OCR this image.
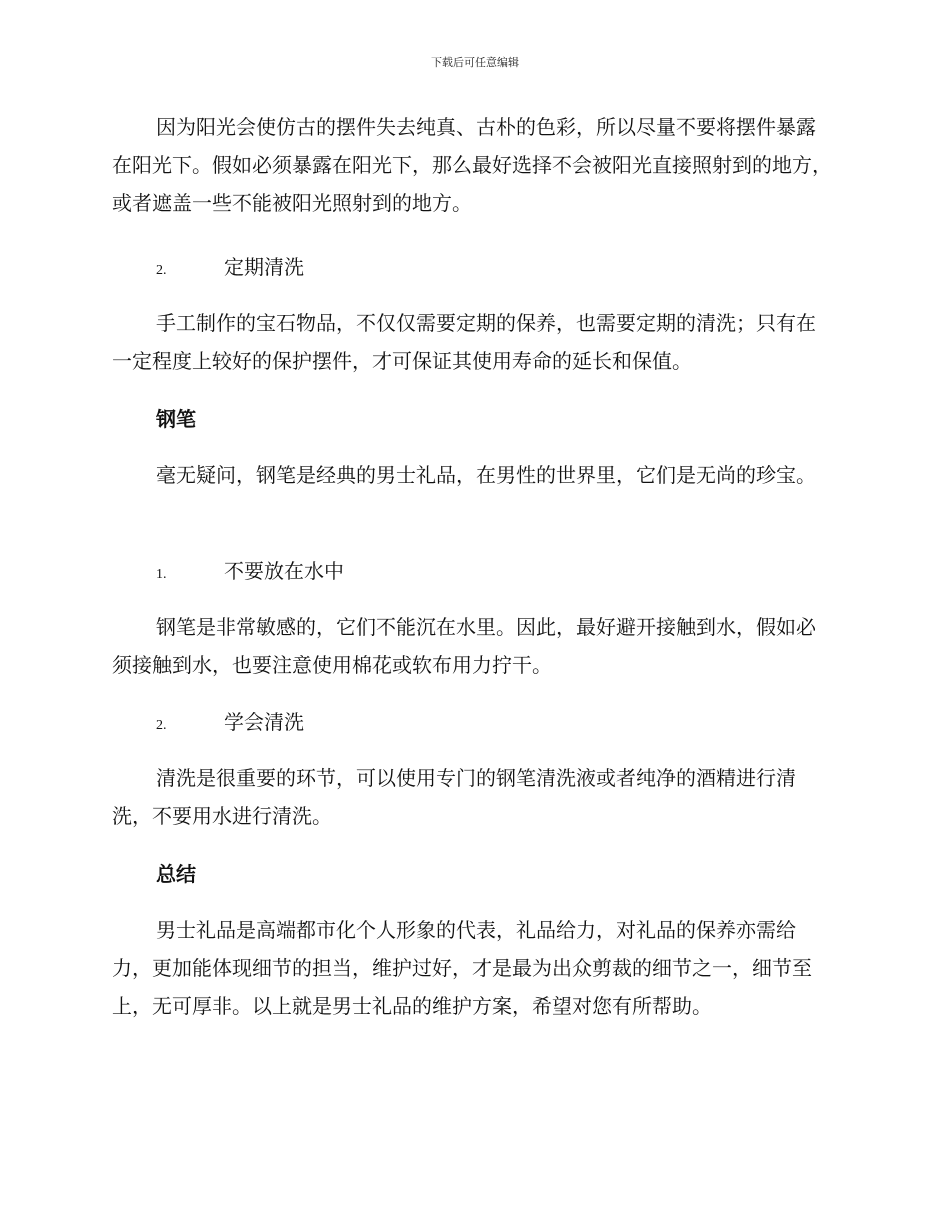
下载后可任意编辑
因为阳光会使仿古的摆件失去纯真、古朴的色彩，所以尽量不要将摆件暴露在阳光下。假如必须暴露在阳光下，那么最好选择不会被阳光直接照射到的地方，或者遮盖一些不能被阳光照射到的地方。
2.	定期清洗
手工制作的宝石物品，不仅仅需要定期的保养，也需要定期的清洗；只有在一定程度上较好的保护摆件，才可保证其使用寿命的延长和保值。
钢笔
毫无疑问，钢笔是经典的男士礼品，在男性的世界里，它们是无尚的珍宝。
1.	不要放在水中
钢笔是非常敏感的，它们不能沉在水里。因此，最好避开接触到水，假如必须接触到水，也要注意使用棉花或软布用力拧干。
2.	学会清洗
清洗是很重要的环节，可以使用专门的钢笔清洗液或者纯净的酒精进行清洗，不要用水进行清洗。
总结
男士礼品是高端都市化个人形象的代表，礼品给力，对礼品的保养亦需给力，更加能体现细节的担当，维护过好，才是最为出众剪裁的细节之一，细节至上，无可厚非。以上就是男士礼品的维护方案，希望对您有所帮助。
